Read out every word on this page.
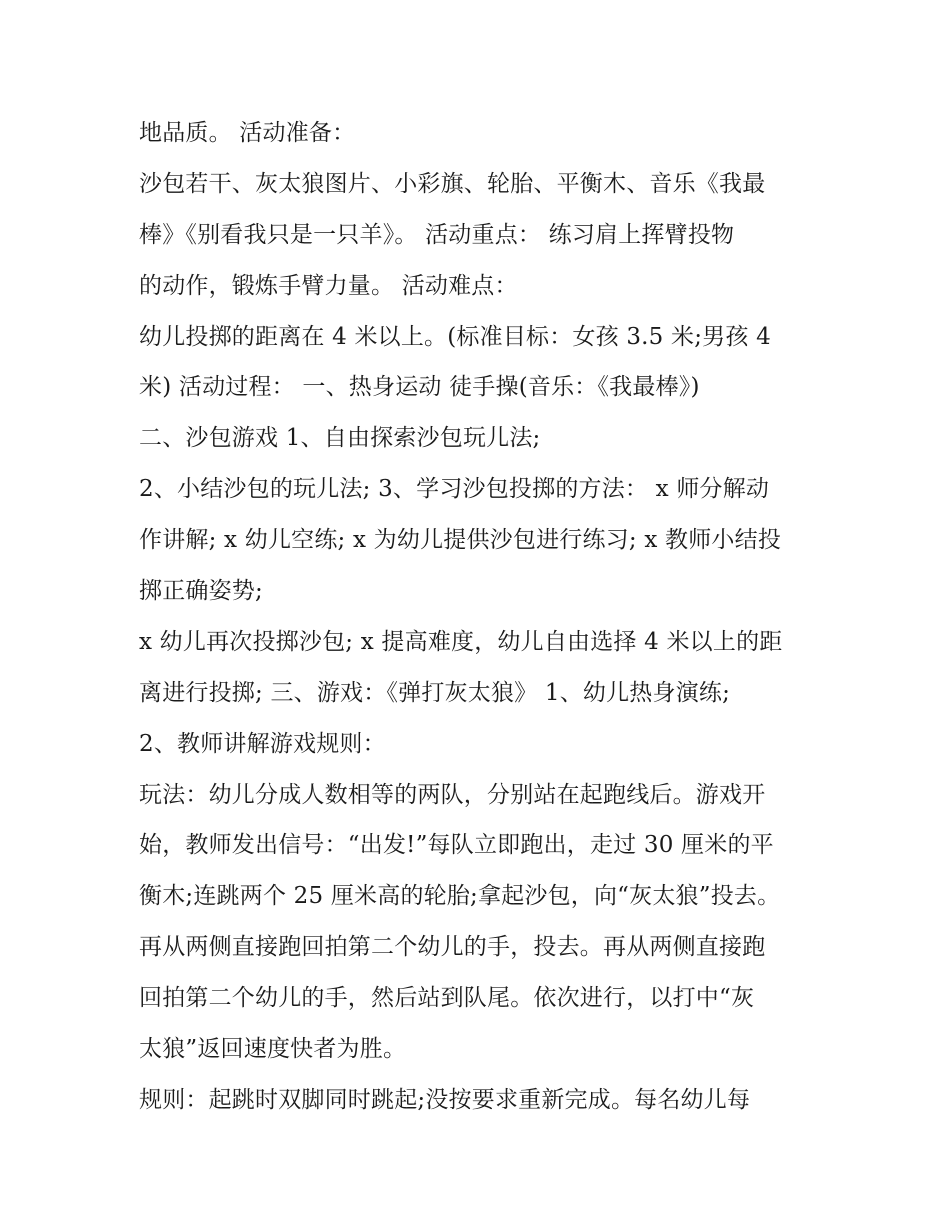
地品质。 活动准备：
沙包若干、灰太狼图片、小彩旗、轮胎、平衡木、音乐《我最
棒》《别看我只是一只羊》。 活动重点： 练习肩上挥臂投物
的动作，锻炼手臂力量。 活动难点：
幼儿投掷的距离在 4 米以上。(标准目标：女孩 3.5 米;男孩 4
米) 活动过程： 一、热身运动 徒手操(音乐：《我最棒》)
二、沙包游戏 1、自由探索沙包玩儿法;
2、小结沙包的玩儿法; 3、学习沙包投掷的方法： x 师分解动
作讲解; x 幼儿空练; x 为幼儿提供沙包进行练习; x 教师小结投
掷正确姿势;
x 幼儿再次投掷沙包; x 提高难度，幼儿自由选择 4 米以上的距
离进行投掷; 三、游戏：《弹打灰太狼》 1、幼儿热身演练;
2、教师讲解游戏规则：
玩法：幼儿分成人数相等的两队，分别站在起跑线后。游戏开
始，教师发出信号：“出发!”每队立即跑出，走过 30 厘米的平
衡木;连跳两个 25 厘米高的轮胎;拿起沙包，向“灰太狼”投去。
再从两侧直接跑回拍第二个幼儿的手，投去。再从两侧直接跑
回拍第二个幼儿的手，然后站到队尾。依次进行，以打中“灰
太狼”返回速度快者为胜。
规则：起跳时双脚同时跳起;没按要求重新完成。每名幼儿每
